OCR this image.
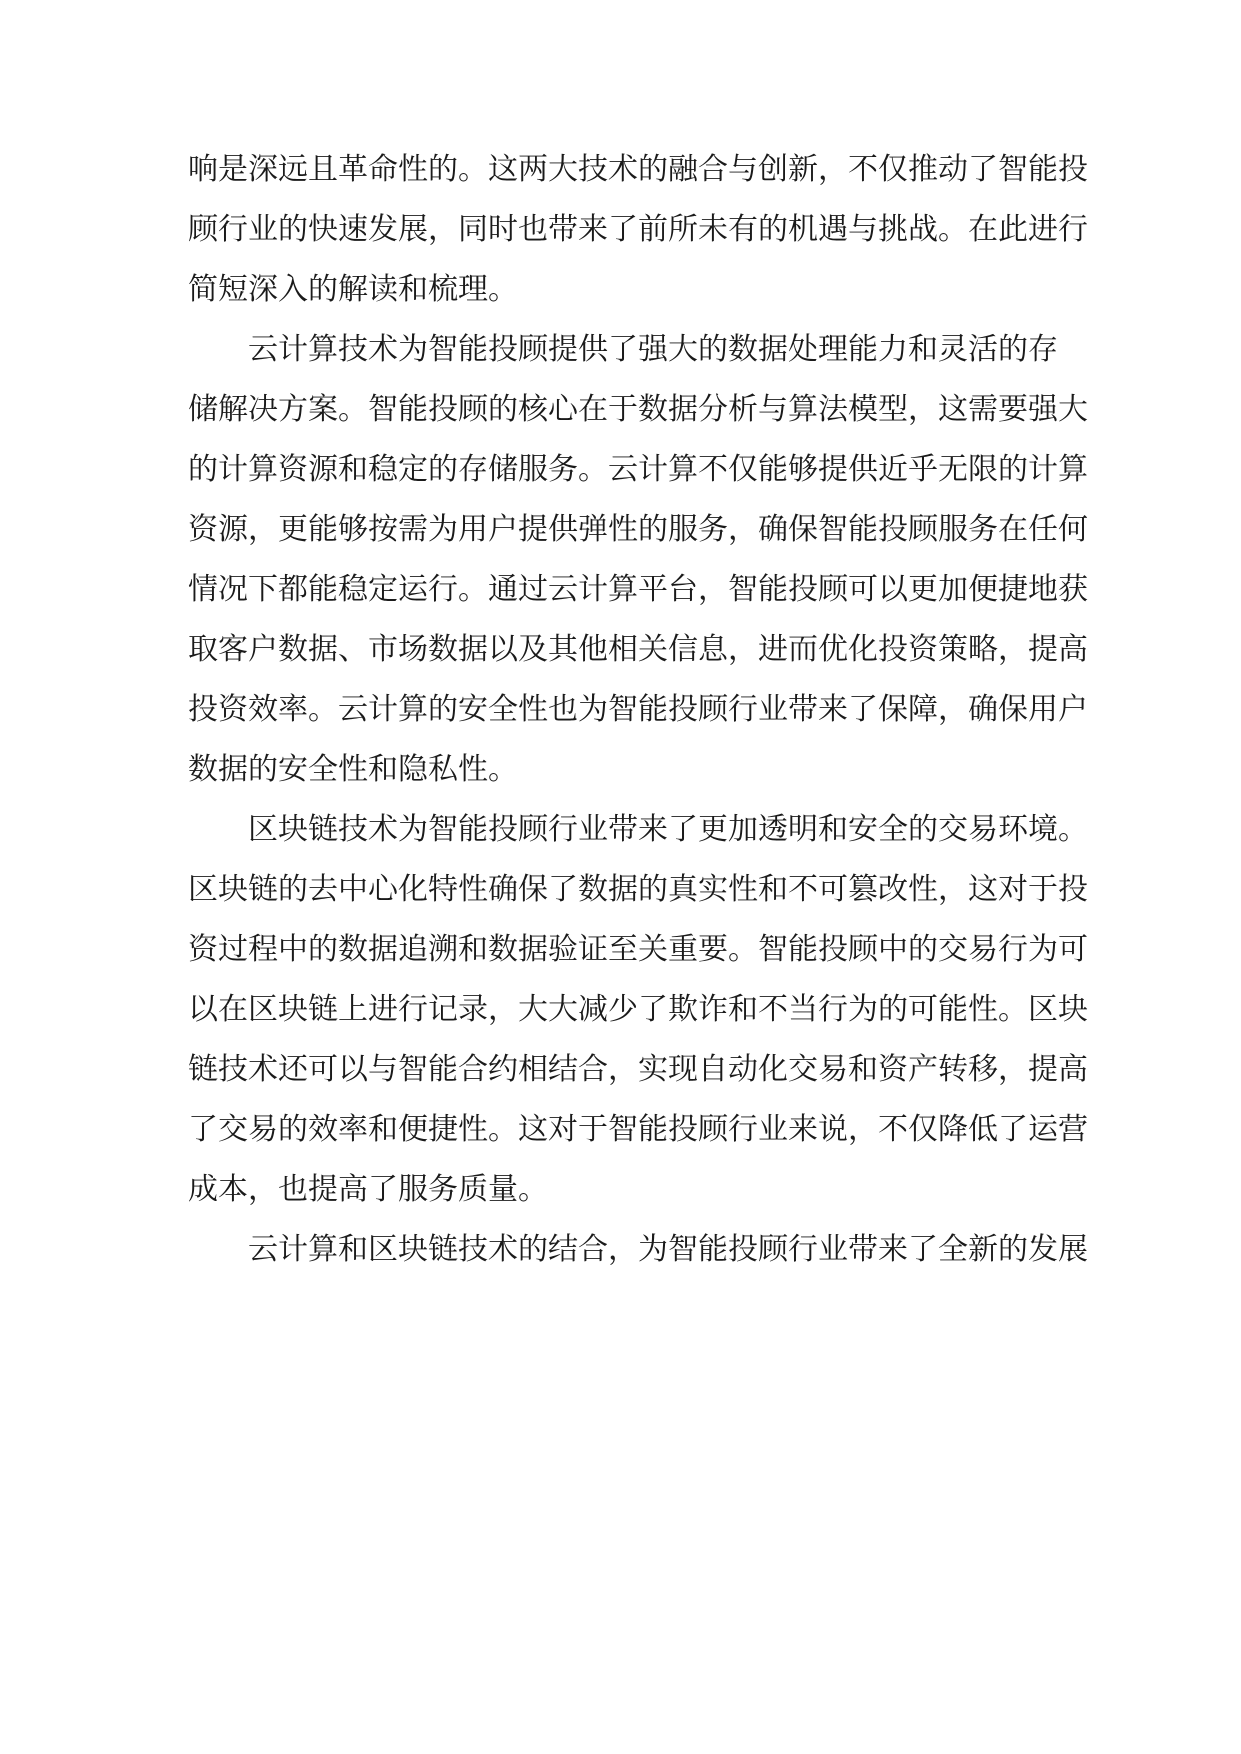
响是深远且革命性的。这两大技术的融合与创新，不仅推动了智能投
顾行业的快速发展，同时也带来了前所未有的机遇与挑战。在此进行
简短深入的解读和梳理。
云计算技术为智能投顾提供了强大的数据处理能力和灵活的存
储解决方案。智能投顾的核心在于数据分析与算法模型，这需要强大
的计算资源和稳定的存储服务。云计算不仅能够提供近乎无限的计算
资源，更能够按需为用户提供弹性的服务，确保智能投顾服务在任何
情况下都能稳定运行。通过云计算平台，智能投顾可以更加便捷地获
取客户数据、市场数据以及其他相关信息，进而优化投资策略，提高
投资效率。云计算的安全性也为智能投顾行业带来了保障，确保用户
数据的安全性和隐私性。
区块链技术为智能投顾行业带来了更加透明和安全的交易环境。
区块链的去中心化特性确保了数据的真实性和不可篡改性，这对于投
资过程中的数据追溯和数据验证至关重要。智能投顾中的交易行为可
以在区块链上进行记录，大大减少了欺诈和不当行为的可能性。区块
链技术还可以与智能合约相结合，实现自动化交易和资产转移，提高
了交易的效率和便捷性。这对于智能投顾行业来说，不仅降低了运营
成本，也提高了服务质量。
云计算和区块链技术的结合，为智能投顾行业带来了全新的发展
